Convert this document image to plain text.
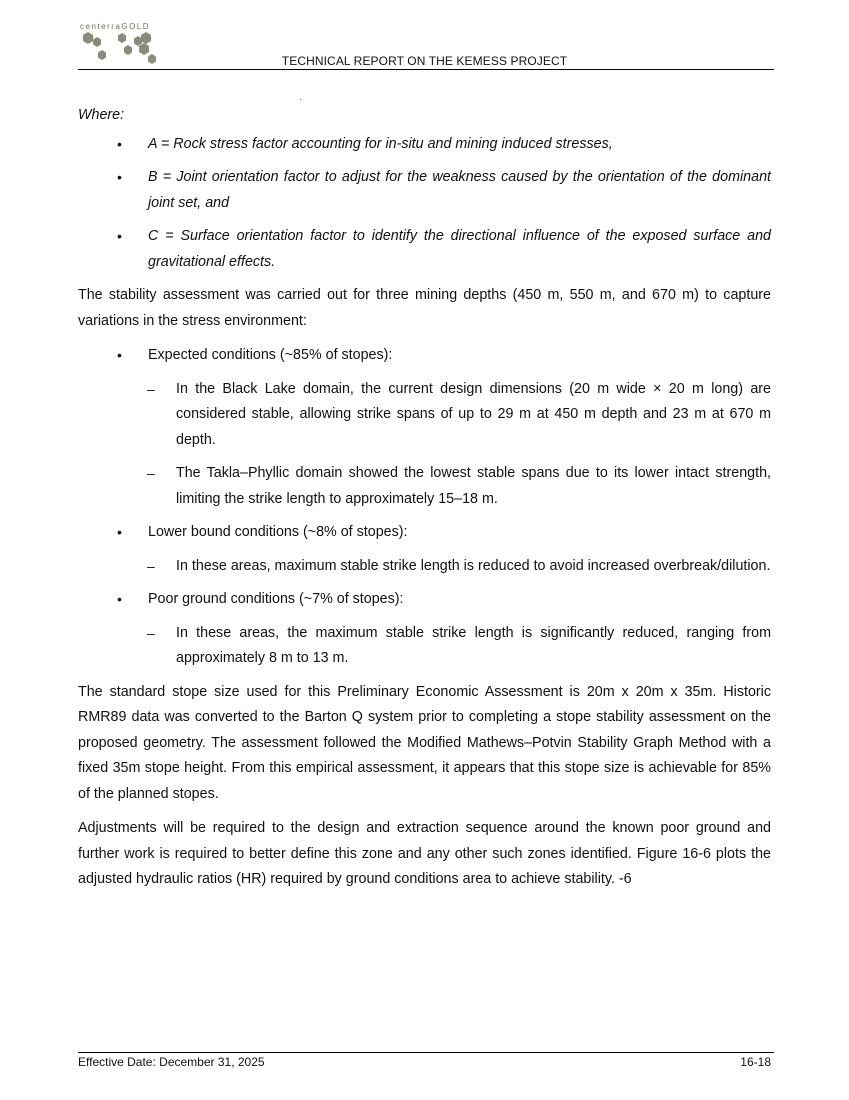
centerraGOLD
TECHNICAL REPORT ON THE KEMESS PROJECT

Where:

• A = Rock stress factor accounting for in-situ and mining induced stresses,

• B = Joint orientation factor to adjust for the weakness caused by the orientation of the dominant joint set, and

• C = Surface orientation factor to identify the directional influence of the exposed surface and gravitational effects.

The stability assessment was carried out for three mining depths (450 m, 550 m, and 670 m) to capture variations in the stress environment:

• Expected conditions (~85% of stopes):

– In the Black Lake domain, the current design dimensions (20 m wide × 20 m long) are considered stable, allowing strike spans of up to 29 m at 450 m depth and 23 m at 670 m depth.

– The Takla–Phyllic domain showed the lowest stable spans due to its lower intact strength, limiting the strike length to approximately 15–18 m.

• Lower bound conditions (~8% of stopes):

– In these areas, maximum stable strike length is reduced to avoid increased overbreak/dilution.

• Poor ground conditions (~7% of stopes):

– In these areas, the maximum stable strike length is significantly reduced, ranging from approximately 8 m to 13 m.

The standard stope size used for this Preliminary Economic Assessment is 20m x 20m x 35m. Historic RMR89 data was converted to the Barton Q system prior to completing a stope stability assessment on the proposed geometry. The assessment followed the Modified Mathews–Potvin Stability Graph Method with a fixed 35m stope height. From this empirical assessment, it appears that this stope size is achievable for 85% of the planned stopes.

Adjustments will be required to the design and extraction sequence around the known poor ground and further work is required to better define this zone and any other such zones identified. Figure 16-6 plots the adjusted hydraulic ratios (HR) required by ground conditions area to achieve stability. -6

Effective Date: December 31, 2025	16-18
